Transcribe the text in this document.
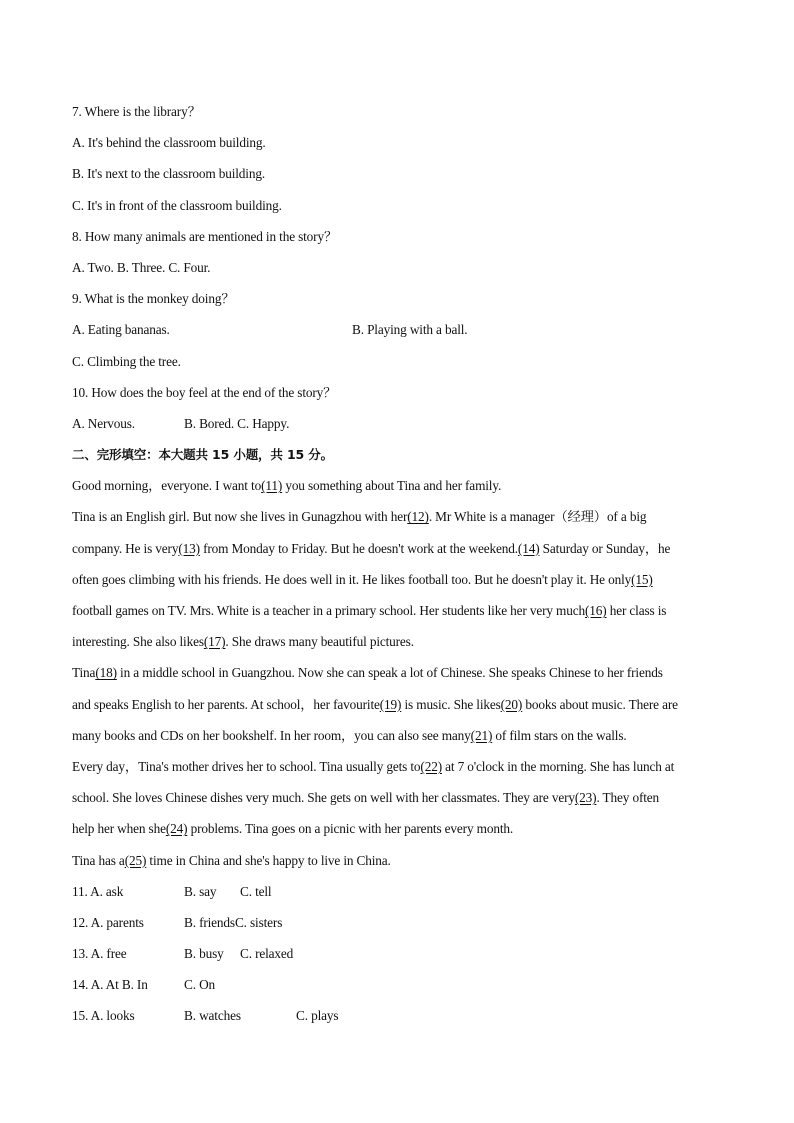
7. Where is the library？
A. It's behind the classroom building.
B. It's next to the classroom building.
C. It's in front of the classroom building.
8. How many animals are mentioned in the story？
A. Two. B. Three. C. Four.
9. What is the monkey doing？
A. Eating bananas.	B. Playing with a ball.
C. Climbing the tree.
10. How does the boy feel at the end of the story？
A. Nervous.	B. Bored. C. Happy.
二、完形填空：本大题共 15 小题，共 15 分。
Good morning，everyone. I want to(11) you something about Tina and her family.
Tina is an English girl. But now she lives in Gunagzhou with her(12). Mr White is a manager（经理）of a big
company. He is very(13) from Monday to Friday. But he doesn't work at the weekend.(14) Saturday or Sunday，he
often goes climbing with his friends. He does well in it. He likes football too. But he doesn't play it. He only(15)
football games on TV. Mrs. White is a teacher in a primary school. Her students like her very much(16) her class is
interesting. She also likes(17). She draws many beautiful pictures.
Tina(18) in a middle school in Guangzhou. Now she can speak a lot of Chinese. She speaks Chinese to her friends
and speaks English to her parents. At school，her favourite(19) is music. She likes(20) books about music. There are
many books and CDs on her bookshelf. In her room，you can also see many(21) of film stars on the walls.
Every day，Tina's mother drives her to school. Tina usually gets to(22) at 7 o'clock in the morning. She has lunch at
school. She loves Chinese dishes very much. She gets on well with her classmates. They are very(23). They often
help her when she(24) problems. Tina goes on a picnic with her parents every month.
Tina has a(25) time in China and she's happy to live in China.
11. A. ask	B. say C. tell
12. A. parents	B. friendsC. sisters
13. A. free	B. busy C. relaxed
14. A. At B. In	C. On
15. A. looks	B. watches	C. plays
